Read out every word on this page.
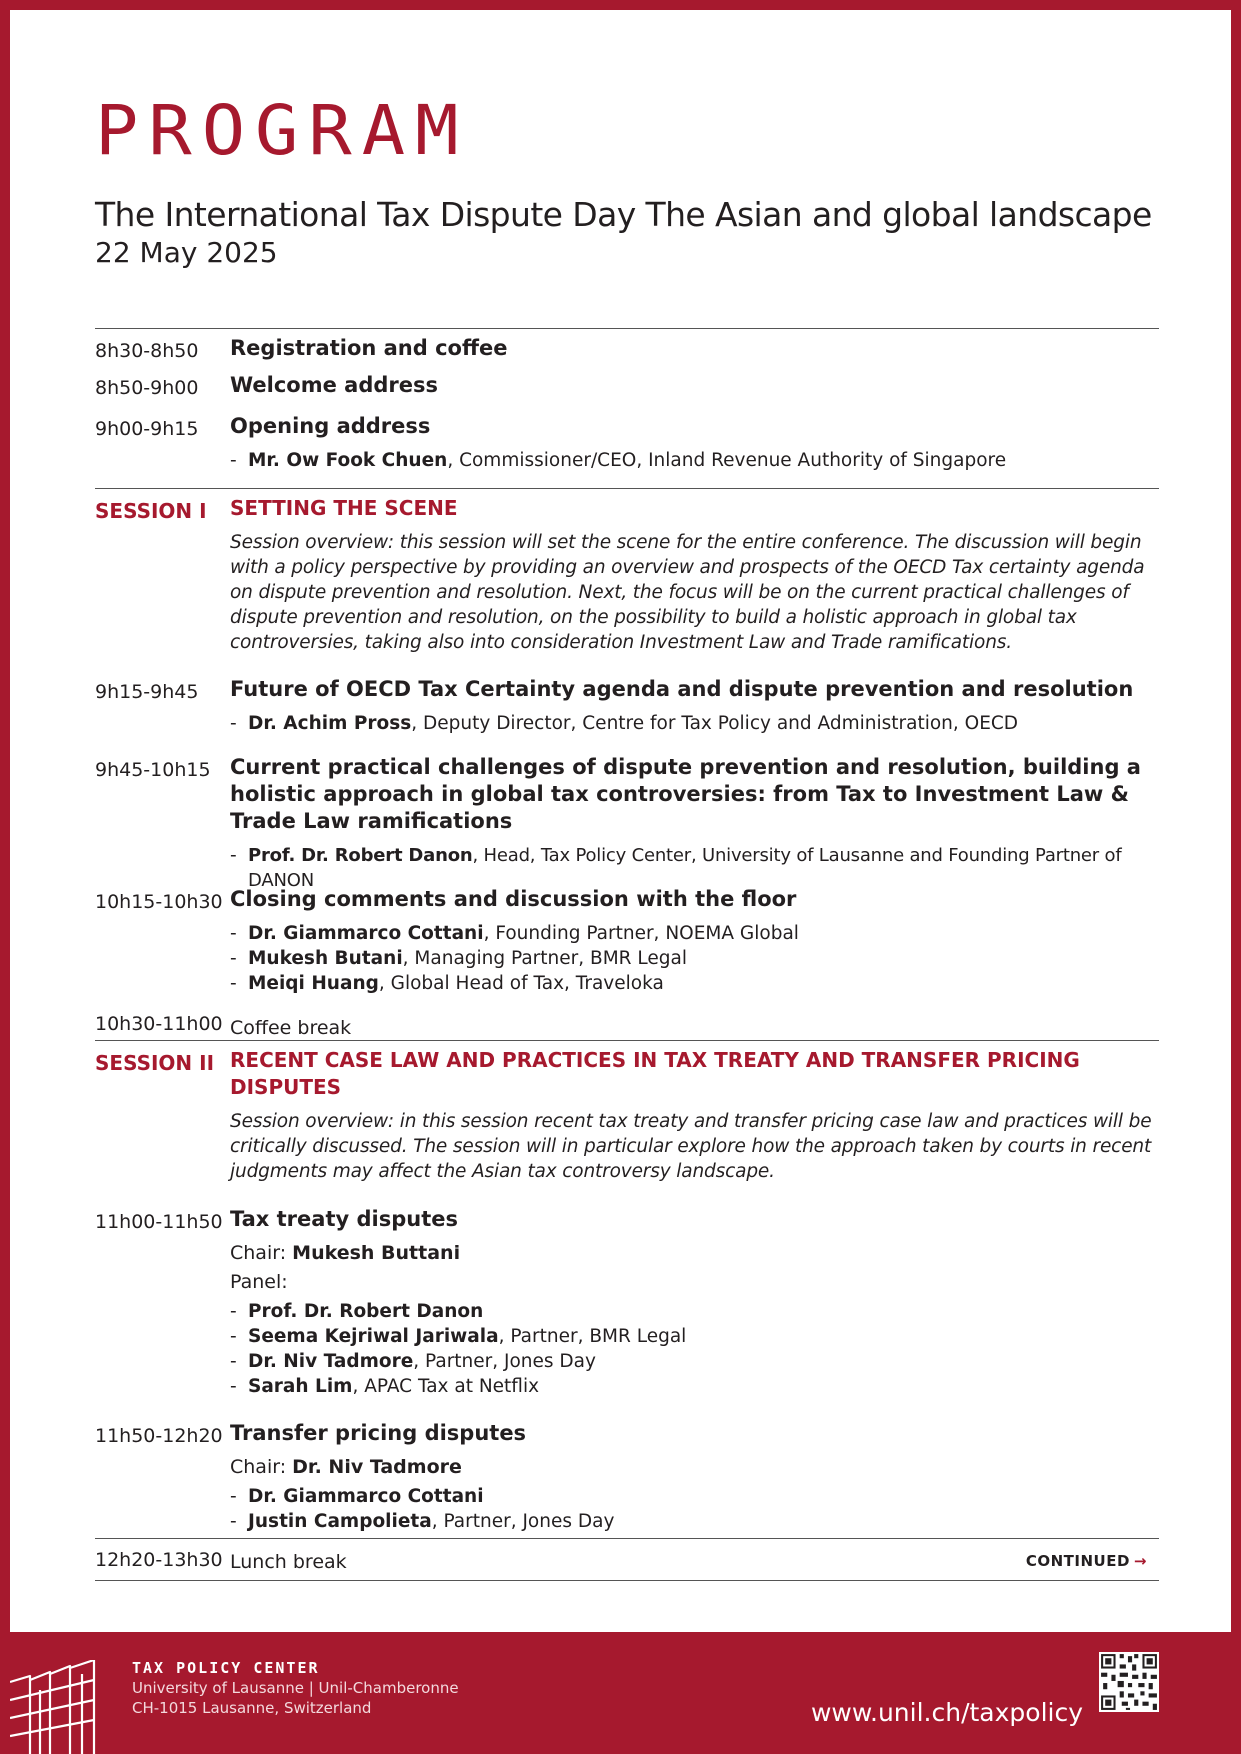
PROGRAM
The International Tax Dispute Day The Asian and global landscape
22 May 2025
8h30-8h50	Registration and coffee
8h50-9h00	Welcome address
9h00-9h15	Opening address
- Mr. Ow Fook Chuen, Commissioner/CEO, Inland Revenue Authority of Singapore
SESSION I	SETTING THE SCENE
Session overview: this session will set the scene for the entire conference. The discussion will begin with a policy perspective by providing an overview and prospects of the OECD Tax certainty agenda on dispute prevention and resolution. Next, the focus will be on the current practical challenges of dispute prevention and resolution, on the possibility to build a holistic approach in global tax controversies, taking also into consideration Investment Law and Trade ramifications.
9h15-9h45	Future of OECD Tax Certainty agenda and dispute prevention and resolution
- Dr. Achim Pross, Deputy Director, Centre for Tax Policy and Administration, OECD
9h45-10h15 Current practical challenges of dispute prevention and resolution, building a holistic approach in global tax controversies: from Tax to Investment Law & Trade Law ramifications
- Prof. Dr. Robert Danon, Head, Tax Policy Center, University of Lausanne and Founding Partner of DANON
10h15-10h30 Closing comments and discussion with the floor
- Dr. Giammarco Cottani, Founding Partner, NOEMA Global
- Mukesh Butani, Managing Partner, BMR Legal
- Meiqi Huang, Global Head of Tax, Traveloka
10h30-11h00 Coffee break
SESSION II RECENT CASE LAW AND PRACTICES IN TAX TREATY AND TRANSFER PRICING DISPUTES
Session overview: in this session recent tax treaty and transfer pricing case law and practices will be critically discussed. The session will in particular explore how the approach taken by courts in recent judgments may affect the Asian tax controversy landscape.
11h00-11h50 Tax treaty disputes
Chair: Mukesh Buttani
Panel:
- Prof. Dr. Robert Danon
- Seema Kejriwal Jariwala, Partner, BMR Legal
- Dr. Niv Tadmore, Partner, Jones Day
- Sarah Lim, APAC Tax at Netflix
11h50-12h20 Transfer pricing disputes
Chair: Dr. Niv Tadmore
- Dr. Giammarco Cottani
- Justin Campolieta, Partner, Jones Day
12h20-13h30 Lunch break	CONTINUED →
TAX POLICY CENTER
University of Lausanne | Unil-Chamberonne
CH-1015 Lausanne, Switzerland	www.unil.ch/taxpolicy
